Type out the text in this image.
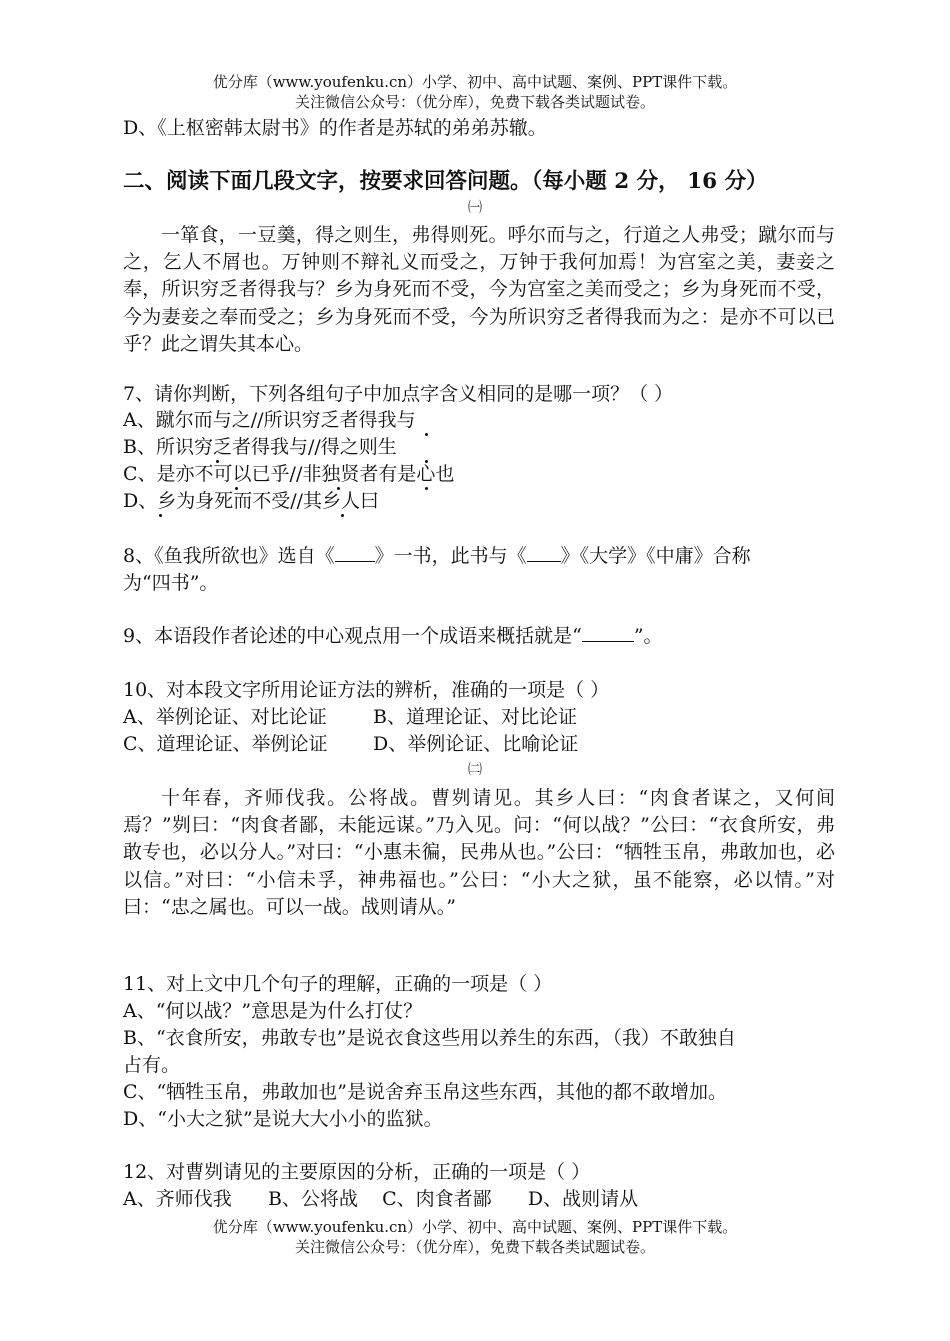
优分库（www.youfenku.cn）小学、初中、高中试题、案例、PPT课件下载。
关注微信公众号：（优分库），免费下载各类试题试卷。
D、《上枢密韩太尉书》的作者是苏轼的弟弟苏辙。
二、阅读下面几段文字，按要求回答问题。（每小题 2 分， 16 分）
㈠
一箪食，一豆羹，得之则生，弗得则死。呼尔而与之，行道之人弗受；蹴尔而与之，乞人不屑也。万钟则不辩礼义而受之，万钟于我何加焉！为宫室之美，妻妾之奉，所识穷乏者得我与？乡为身死而不受，今为宫室之美而受之；乡为身死而不受，今为妻妾之奉而受之；乡为身死而不受，今为所识穷乏者得我而为之：是亦不可以已乎？此之谓失其本心。
7、请你判断，下列各组句子中加点字含义相同的是哪一项？（ ）
A、蹴尔而与之//所识穷乏者得我与
B、所识穷乏者得我与//得之则生
C、是亦不可以已乎//非独贤者有是心也
D、乡为身死而不受//其乡人曰
8、《鱼我所欲也》选自《 》一书，此书与《 》《大学》《中庸》合称
为“四书”。
9、本语段作者论述的中心观点用一个成语来概括就是“	”。
10、对本段文字所用论证方法的辨析，准确的一项是（ ）
A、举例论证、对比论证 B、道理论证、对比论证
C、道理论证、举例论证 D、举例论证、比喻论证
㈡
十年春，齐师伐我。公将战。曹刿请见。其乡人曰：“肉食者谋之，又何间焉？”刿曰：“肉食者鄙，未能远谋。”乃入见。问：“何以战？”公曰：“衣食所安，弗敢专也，必以分人。”对曰：“小惠未徧，民弗从也。”公曰：“牺牲玉帛，弗敢加也，必以信。”对曰：“小信未孚，神弗福也。”公曰：“小大之狱，虽不能察，必以情。”对曰：“忠之属也。可以一战。战则请从。”
11、对上文中几个句子的理解，正确的一项是（ ）
A、“何以战？”意思是为什么打仗？
B、“衣食所安，弗敢专也”是说衣食这些用以养生的东西，（我）不敢独自
占有。
C、“牺牲玉帛，弗敢加也”是说舍弃玉帛这些东西，其他的都不敢增加。
D、“小大之狱”是说大大小小的监狱。
12、对曹刿请见的主要原因的分析，正确的一项是（ ）
A、齐师伐我      B、公将战    C、肉食者鄙      D、战则请从
优分库（www.youfenku.cn）小学、初中、高中试题、案例、PPT课件下载。
关注微信公众号：（优分库），免费下载各类试题试卷。
